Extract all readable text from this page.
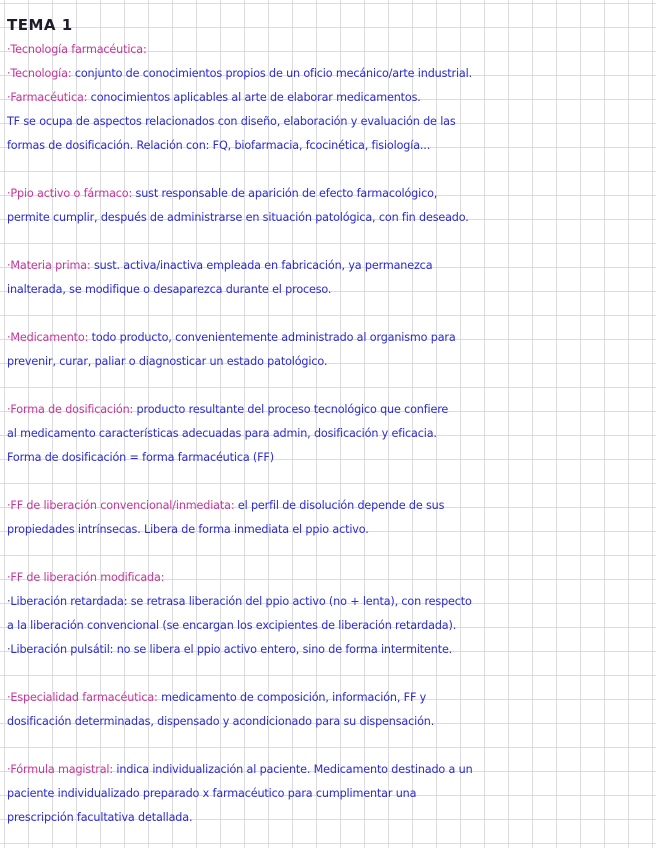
TEMA 1
·Tecnología farmacéutica:
·Tecnología: conjunto de conocimientos propios de un oficio mecánico/arte industrial.
·Farmacéutica: conocimientos aplicables al arte de elaborar medicamentos.
TF se ocupa de aspectos relacionados con diseño, elaboración y evaluación de las
formas de dosificación. Relación con: FQ, biofarmacia, fcocinética, fisiología...
·Ppio activo o fármaco: sust responsable de aparición de efecto farmacológico,
permite cumplir, después de administrarse en situación patológica, con fin deseado.
·Materia prima: sust. activa/inactiva empleada en fabricación, ya permanezca
inalterada, se modifique o desaparezca durante el proceso.
·Medicamento: todo producto, convenientemente administrado al organismo para
prevenir, curar, paliar o diagnosticar un estado patológico.
·Forma de dosificación: producto resultante del proceso tecnológico que confiere
al medicamento características adecuadas para admin, dosificación y eficacia.
Forma de dosificación = forma farmacéutica (FF)
·FF de liberación convencional/inmediata: el perfil de disolución depende de sus
propiedades intrínsecas. Libera de forma inmediata el ppio activo.
·FF de liberación modificada:
·Liberación retardada: se retrasa liberación del ppio activo (no + lenta), con respecto
a la liberación convencional (se encargan los excipientes de liberación retardada).
·Liberación pulsátil: no se libera el ppio activo entero, sino de forma intermitente.
·Especialidad farmacéutica: medicamento de composición, información, FF y
dosificación determinadas, dispensado y acondicionado para su dispensación.
·Fórmula magistral: indica individualización al paciente. Medicamento destinado a un
paciente individualizado preparado x farmacéutico para cumplimentar una
prescripción facultativa detallada.
